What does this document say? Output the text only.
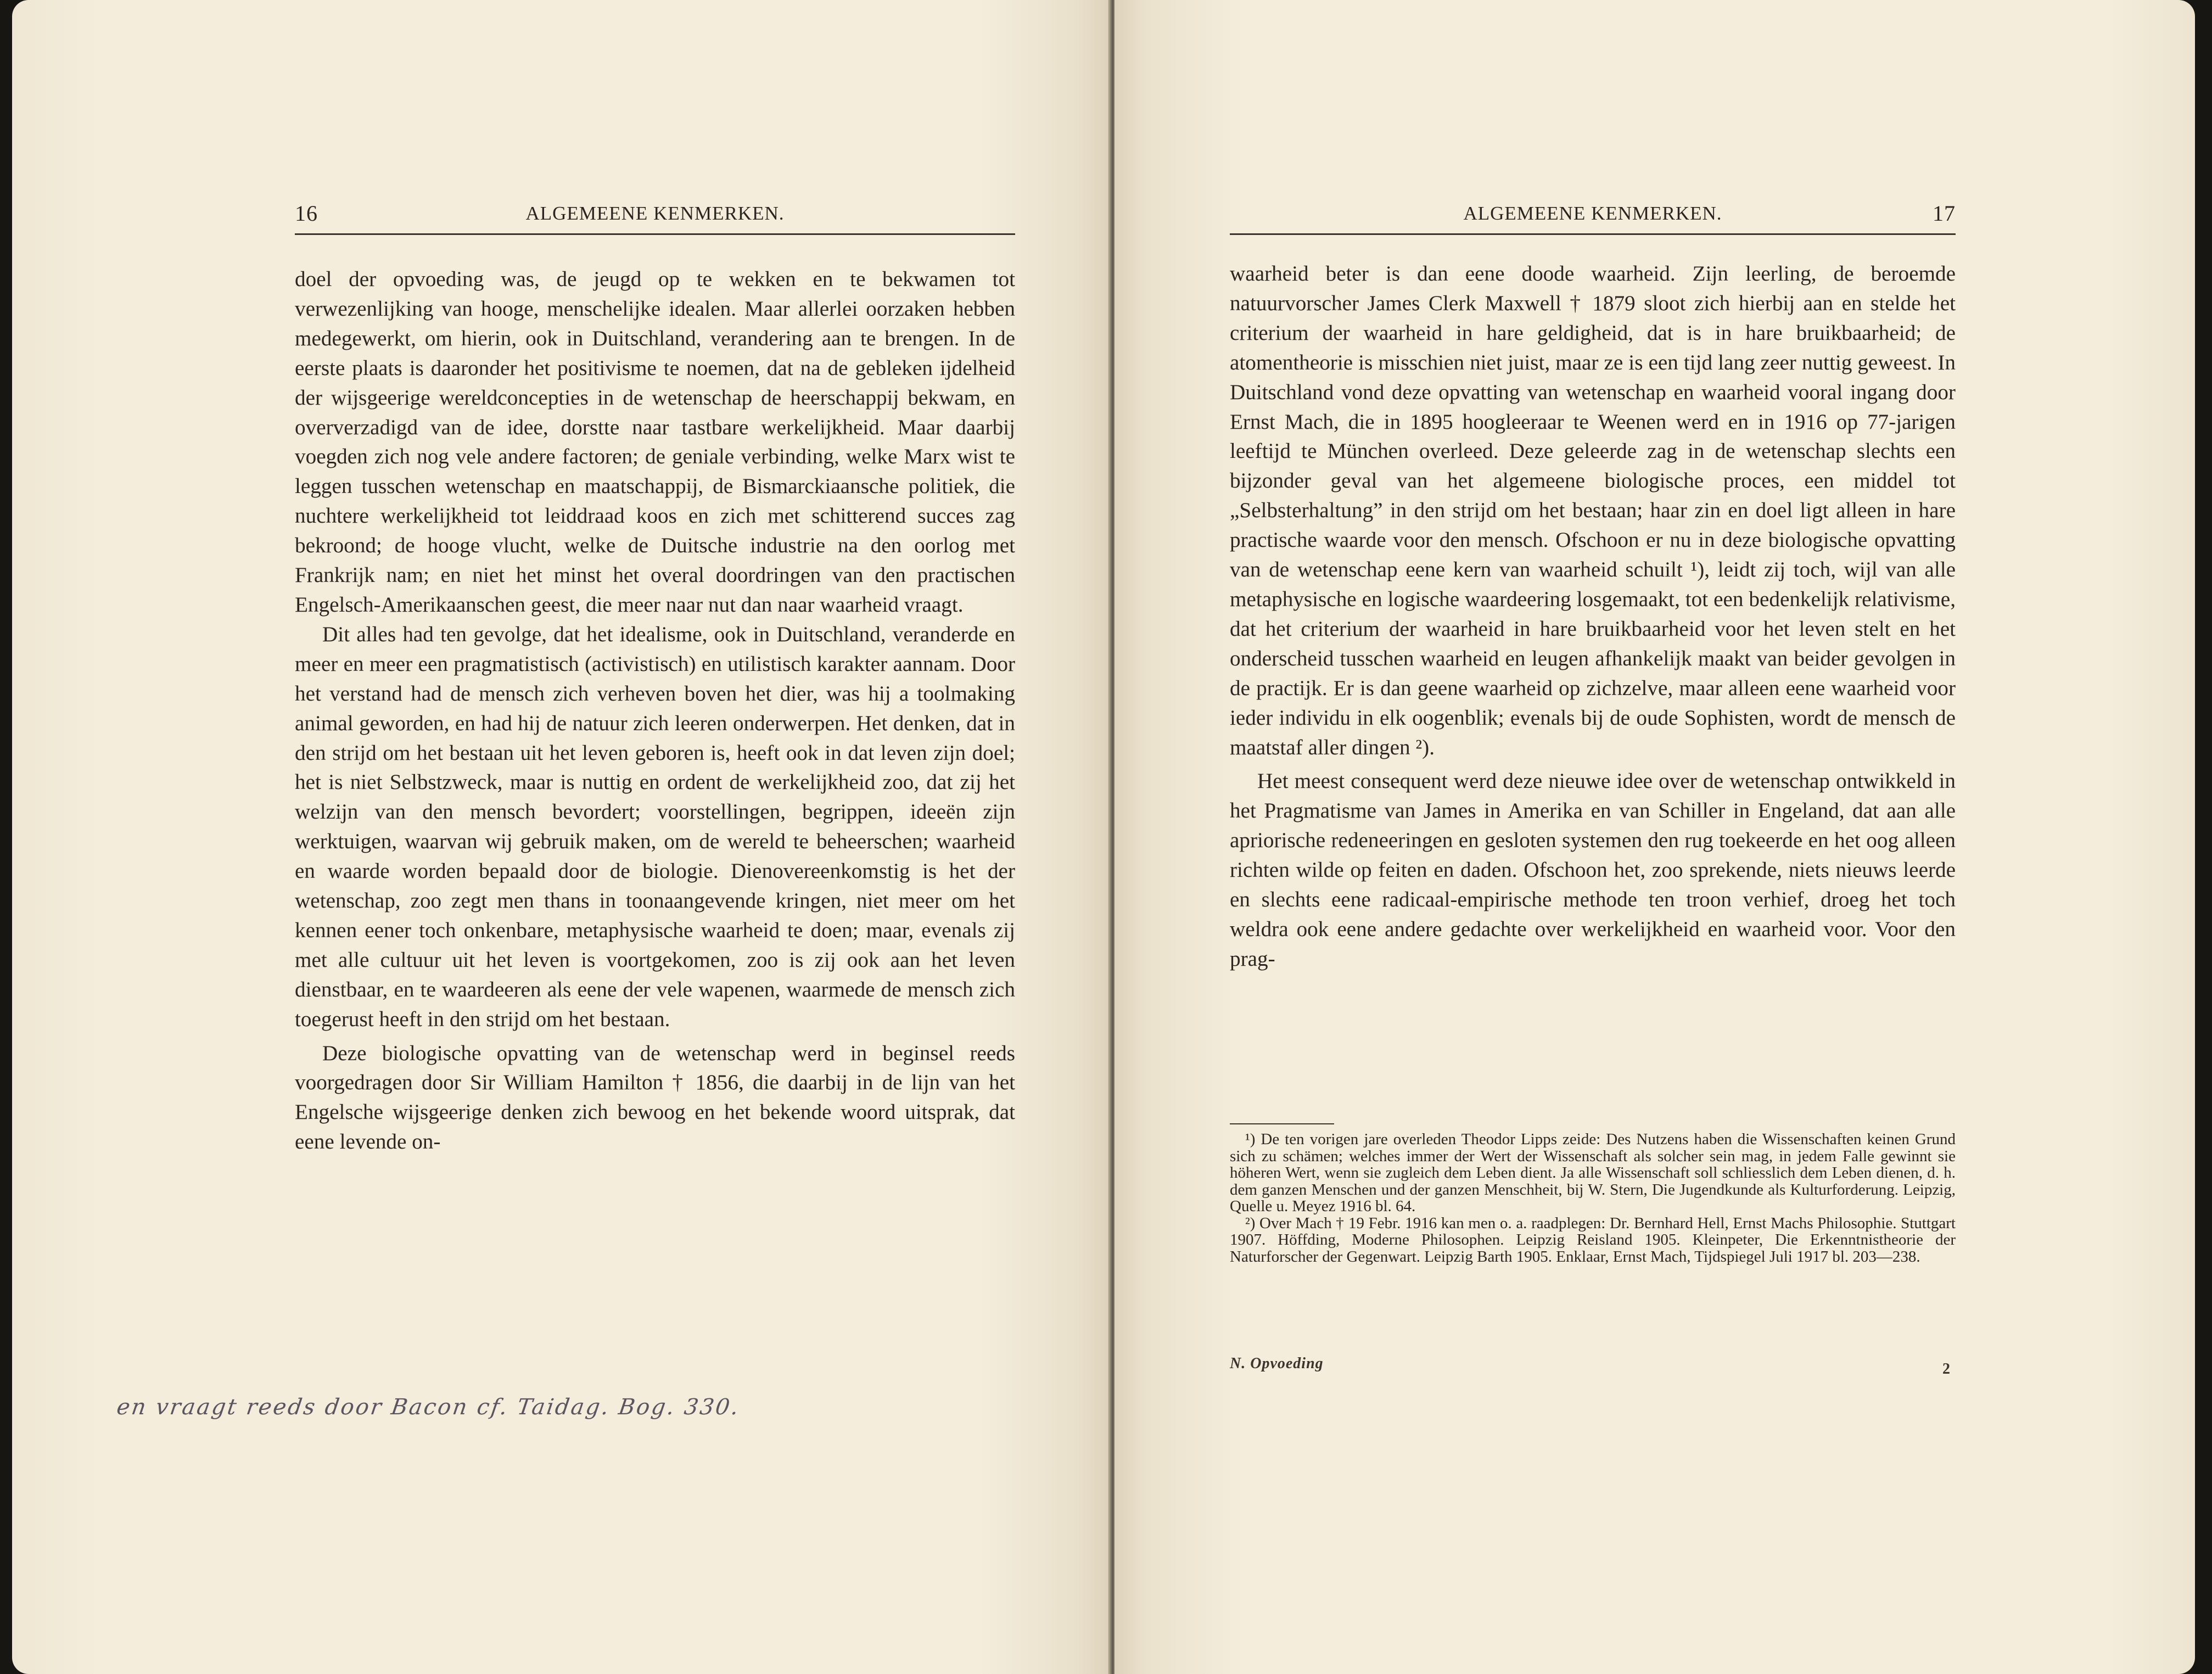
16	ALGEMEENE KENMERKEN.

doel der opvoeding was, de jeugd op te wekken en te bekwamen tot verwezenlijking van hooge, menschelijke idealen. Maar allerlei oorzaken hebben medegewerkt, om hierin, ook in Duitschland, verandering aan te brengen. In de eerste plaats is daaronder het positivisme te noemen, dat na de gebleken ijdelheid der wijsgeerige wereldconcepties in de wetenschap de heerschappij bekwam, en oververzadigd van de idee, dorstte naar tastbare werkelijkheid. Maar daarbij voegden zich nog vele andere factoren; de geniale verbinding, welke Marx wist te leggen tusschen wetenschap en maatschappij, de Bismarckiaansche politiek, die nuchtere werkelijkheid tot leiddraad koos en zich met schitterend succes zag bekroond; de hooge vlucht, welke de Duitsche industrie na den oorlog met Frankrijk nam; en niet het minst het overal doordringen van den practischen Engelsch-Amerikaanschen geest, die meer naar nut dan naar waarheid vraagt.

Dit alles had ten gevolge, dat het idealisme, ook in Duitschland, veranderde en meer en meer een pragmatistisch (activistisch) en utilistisch karakter aannam. Door het verstand had de mensch zich verheven boven het dier, was hij a toolmaking animal geworden, en had hij de natuur zich leeren onderwerpen. Het denken, dat in den strijd om het bestaan uit het leven geboren is, heeft ook in dat leven zijn doel; het is niet Selbstzweck, maar is nuttig en ordent de werkelijkheid zoo, dat zij het welzijn van den mensch bevordert; voorstellingen, begrippen, ideeën zijn werktuigen, waarvan wij gebruik maken, om de wereld te beheerschen; waarheid en waarde worden bepaald door de biologie. Dienovereenkomstig is het der wetenschap, zoo zegt men thans in toonaangevende kringen, niet meer om het kennen eener toch onkenbare, metaphysische waarheid te doen; maar, evenals zij met alle cultuur uit het leven is voortgekomen, zoo is zij ook aan het leven dienstbaar, en te waardeeren als eene der vele wapenen, waarmede de mensch zich toegerust heeft in den strijd om het bestaan.

Deze biologische opvatting van de wetenschap werd in beginsel reeds voorgedragen door Sir William Hamilton † 1856, die daarbij in de lijn van het Engelsche wijsgeerige denken zich bewoog en het bekende woord uitsprak, dat eene levende on-

en vraagt reeds door Bacon cf. Taidag. Bog. 330.
ALGEMEENE KENMERKEN.	17

waarheid beter is dan eene doode waarheid. Zijn leerling, de beroemde natuurvorscher James Clerk Maxwell † 1879 sloot zich hierbij aan en stelde het criterium der waarheid in hare geldigheid, dat is in hare bruikbaarheid; de atomentheorie is misschien niet juist, maar ze is een tijd lang zeer nuttig geweest. In Duitschland vond deze opvatting van wetenschap en waarheid vooral ingang door Ernst Mach, die in 1895 hoogleeraar te Weenen werd en in 1916 op 77-jarigen leeftijd te München overleed. Deze geleerde zag in de wetenschap slechts een bijzonder geval van het algemeene biologische proces, een middel tot „Selbsterhaltung” in den strijd om het bestaan; haar zin en doel ligt alleen in hare practische waarde voor den mensch. Ofschoon er nu in deze biologische opvatting van de wetenschap eene kern van waarheid schuilt ¹), leidt zij toch, wijl van alle metaphysische en logische waardeering losgemaakt, tot een bedenkelijk relativisme, dat het criterium der waarheid in hare bruikbaarheid voor het leven stelt en het onderscheid tusschen waarheid en leugen afhankelijk maakt van beider gevolgen in de practijk. Er is dan geene waarheid op zichzelve, maar alleen eene waarheid voor ieder individu in elk oogenblik; evenals bij de oude Sophisten, wordt de mensch de maatstaf aller dingen ²).

Het meest consequent werd deze nieuwe idee over de wetenschap ontwikkeld in het Pragmatisme van James in Amerika en van Schiller in Engeland, dat aan alle apriorische redeneeringen en gesloten systemen den rug toekeerde en het oog alleen richten wilde op feiten en daden. Ofschoon het, zoo sprekende, niets nieuws leerde en slechts eene radicaal-empirische methode ten troon verhief, droeg het toch weldra ook eene andere gedachte over werkelijkheid en waarheid voor. Voor den prag-

¹) De ten vorigen jare overleden Theodor Lipps zeide: Des Nutzens haben die Wissenschaften keinen Grund sich zu schämen; welches immer der Wert der Wissenschaft als solcher sein mag, in jedem Falle gewinnt sie höheren Wert, wenn sie zugleich dem Leben dient. Ja alle Wissenschaft soll schliesslich dem Leben dienen, d. h. dem ganzen Menschen und der ganzen Menschheit, bij W. Stern, Die Jugendkunde als Kulturforderung. Leipzig, Quelle u. Meyez 1916 bl. 64.

²) Over Mach † 19 Febr. 1916 kan men o. a. raadplegen: Dr. Bernhard Hell, Ernst Machs Philosophie. Stuttgart 1907. Höffding, Moderne Philosophen. Leipzig Reisland 1905. Kleinpeter, Die Erkenntnistheorie der Naturforscher der Gegenwart. Leipzig Barth 1905. Enklaar, Ernst Mach, Tijdspiegel Juli 1917 bl. 203—238.

N. Opvoeding	2
